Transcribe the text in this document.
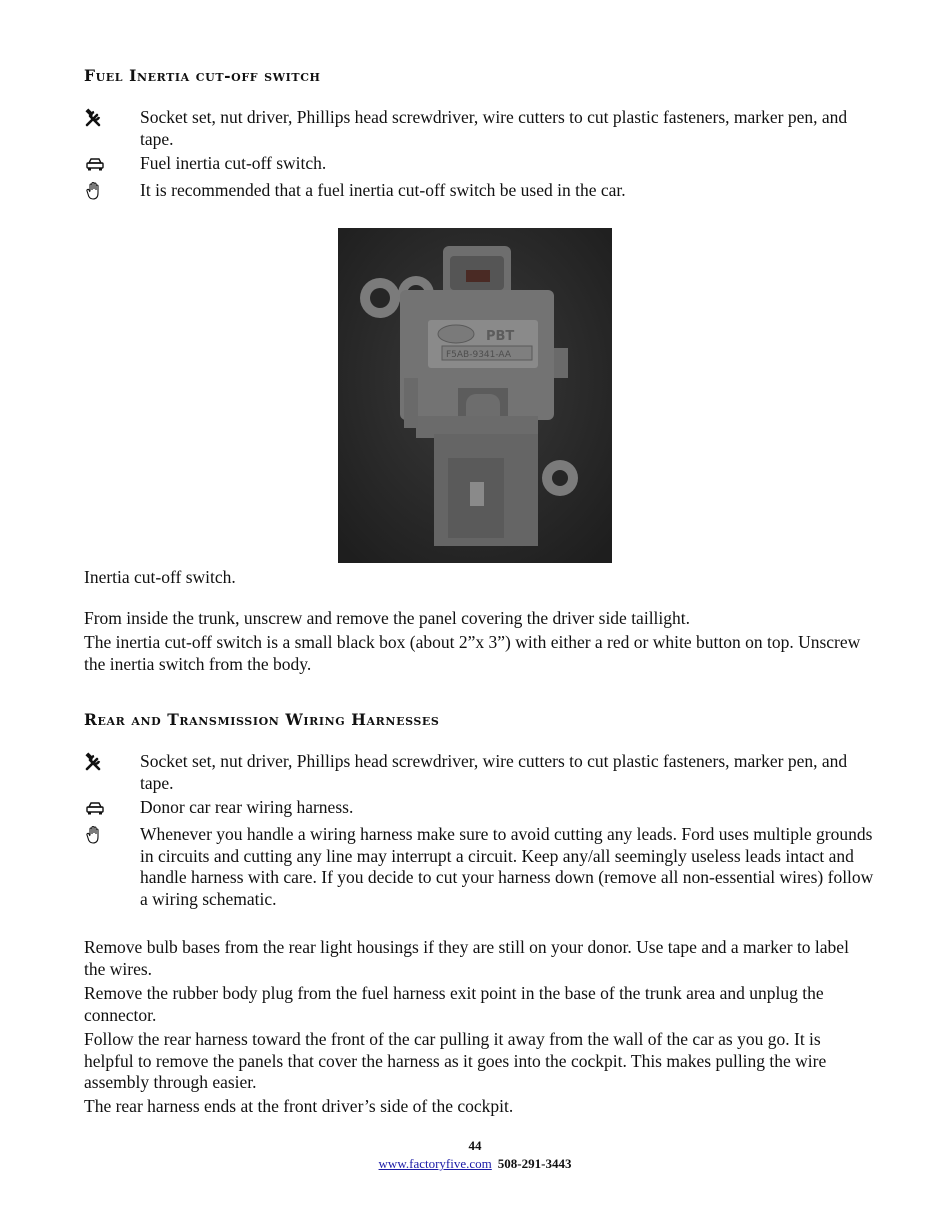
Fuel Inertia cut-off switch
Socket set, nut driver, Phillips head screwdriver, wire cutters to cut plastic fasteners, marker pen, and tape.
Fuel inertia cut-off switch.
It is recommended that a fuel inertia cut-off switch be used in the car.
PBT
F5AB-9341-AA

Inertia cut-off switch.

From inside the trunk, unscrew and remove the panel covering the driver side taillight.

The inertia cut-off switch is a small black box (about 2”x 3”) with either a red or white button on top. Unscrew the inertia switch from the body.

Rear and Transmission Wiring Harnesses
Socket set, nut driver, Phillips head screwdriver, wire cutters to cut plastic fasteners, marker pen, and tape.
Donor car rear wiring harness.
Whenever you handle a wiring harness make sure to avoid cutting any leads. Ford uses multiple grounds in circuits and cutting any line may interrupt a circuit. Keep any/all seemingly useless leads intact and handle harness with care. If you decide to cut your harness down (remove all non-essential wires) follow a wiring schematic.

Remove bulb bases from the rear light housings if they are still on your donor. Use tape and a marker to label the wires.

Remove the rubber body plug from the fuel harness exit point in the base of the trunk area and unplug the connector.

Follow the rear harness toward the front of the car pulling it away from the wall of the car as you go. It is helpful to remove the panels that cover the harness as it goes into the cockpit. This makes pulling the wire assembly through easier.

The rear harness ends at the front driver’s side of the cockpit.

44
www.factoryfive.com 508-291-3443
